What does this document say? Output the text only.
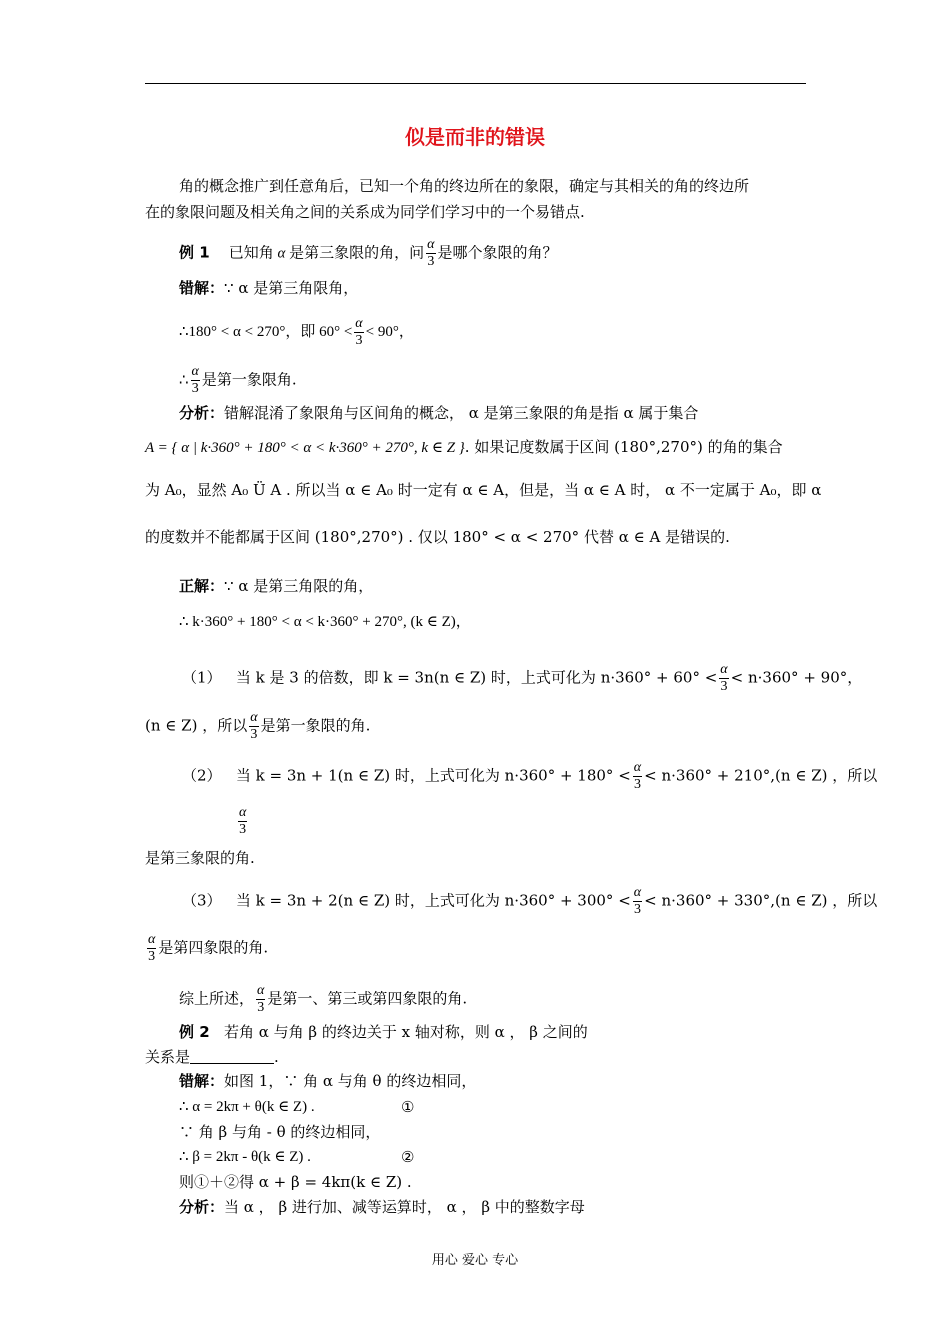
似是而非的错误
角的概念推广到任意角后，已知一个角的终边所在的象限，确定与其相关的角的终边所
在的象限问题及相关角之间的关系成为同学们学习中的一个易错点.
例 1 已知角 α 是第三象限的角，问 $\frac{\alpha}{3}$ 是哪个象限的角？
错解：∵ α 是第三角限角，
∴180° < α < 270°，即 $60^\circ < \frac{\alpha}{3} < 90^\circ$，
∴ $\frac{\alpha}{3}$ 是第一象限角.
分析：错解混淆了象限角与区间角的概念， α 是第三象限的角是指 α 属于集合
A = { α | k·360° + 180° < α < k·360° + 270°, k ∈ Z }. 如果记度数属于区间 (180°,270°) 的角的集合
为 A₀，显然 A₀ Ü A . 所以当 α ∈ A₀ 时一定有 α ∈ A，但是，当 α ∈ A 时， α 不一定属于 A₀，即 α
的度数并不能都属于区间 (180°,270°) . 仅以 180° < α < 270° 代替 α ∈ A 是错误的.
正解：∵ α 是第三角限的角，
∴ k·360° + 180° < α < k·360° + 270°, (k ∈ Z)，
（1） 当 k 是 3 的倍数，即 k = 3n(n ∈ Z) 时，上式可化为 $n\cdot 360^\circ + 60^\circ < \frac{\alpha}{3} < n\cdot 360^\circ + 90^\circ$，
(n ∈ Z) ，所以 $\frac{\alpha}{3}$ 是第一象限的角.
（2） 当 k = 3n + 1(n ∈ Z) 时，上式可化为 $n\cdot 360^\circ + 180^\circ < \frac{\alpha}{3} < n\cdot 360^\circ + 210^\circ,(n$ ∈ Z) ，所以
$\frac{\alpha}{3}$
是第三象限的角.
（3） 当 k = 3n + 2(n ∈ Z) 时，上式可化为 $n\cdot 360^\circ + 300^\circ < \frac{\alpha}{3} < n\cdot 360^\circ + 330^\circ,(n$ ∈ Z) ，所以
$\frac{\alpha}{3}$ 是第四象限的角.
综上所述， $\frac{\alpha}{3}$ 是第一、第三或第四象限的角.
例 2 若角 α 与角 β 的终边关于 x 轴对称，则 α ， β 之间的
关系是	.
错解：如图 1，∵ 角 α 与角 θ 的终边相同，
∴ α = 2kπ + θ(k ∈ Z) .	①
∵ 角 β 与角 - θ 的终边相同，
∴ β = 2kπ - θ(k ∈ Z) .	②
则①＋②得 α + β = 4kπ(k ∈ Z) .
分析：当 α ， β 进行加、减等运算时， α ， β 中的整数字母
用心 爱心 专心
